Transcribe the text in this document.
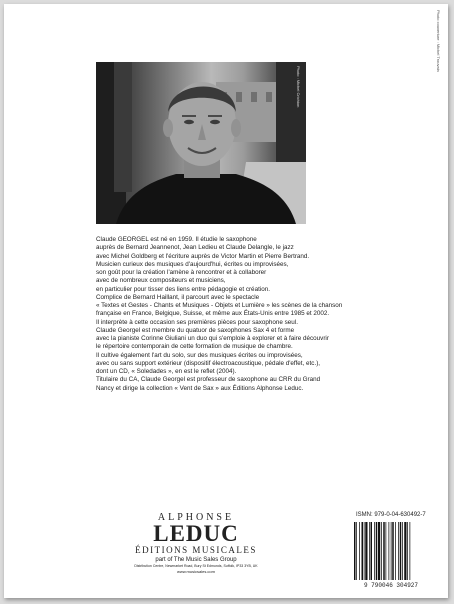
Photo couverture : Michel Trouvain
Photo : Michel Crichton
Claude GEORGEL est né en 1959. Il étudie le saxophone
auprès de Bernard Jeannenot, Jean Ledieu et Claude Delangle, le jazz
avec Michel Goldberg et l'écriture auprès de Victor Martin et Pierre Bertrand.
Musicien curieux des musiques d'aujourd'hui, écrites ou improvisées,
son goût pour la création l'amène à rencontrer et à collaborer
avec de nombreux compositeurs et musiciens,
en particulier pour tisser des liens entre pédagogie et création.
Complice de Bernard Haillant, il parcourt avec le spectacle
« Textes et Gestes - Chants et Musiques - Objets et Lumière » les scènes de la chanson
française en France, Belgique, Suisse, et même aux États-Unis entre 1985 et 2002.
Il interprète à cette occasion ses premières pièces pour saxophone seul.
Claude Georgel est membre du quatuor de saxophones Sax 4 et forme
avec la pianiste Corinne Giuliani un duo qui s'emploie à explorer et à faire découvrir
le répertoire contemporain de cette formation de musique de chambre.
Il cultive également l'art du solo, sur des musiques écrites ou improvisées,
avec ou sans support extérieur (dispositif électroacoustique, pédale d'effet, etc.),
dont un CD, « Soledades », en est le reflet (2004).
Titulaire du CA, Claude Georgel est professeur de saxophone au CRR du Grand
Nancy et dirige la collection « Vent de Sax » aux Éditions Alphonse Leduc.
ALPHONSE
LEDUC
ÉDITIONS MUSICALES
part of The Music Sales Group
Distribution Centre, Newmarket Road, Bury St Edmunds, Suffolk, IP33 3YB, UK
www.musicsales.com
ISMN: 979-0-04-630492-7
9 790046 304927
